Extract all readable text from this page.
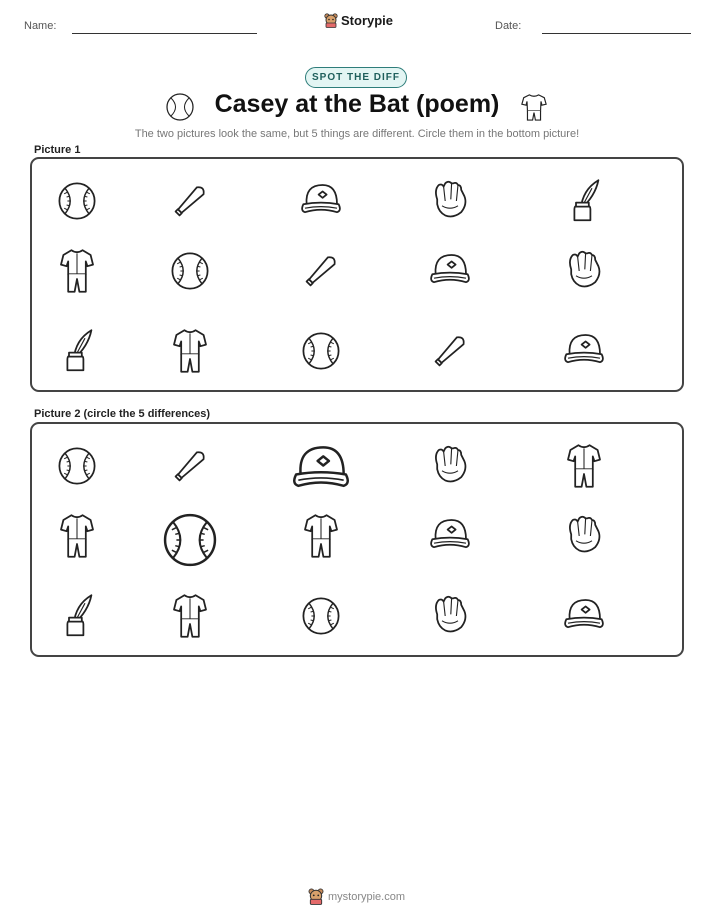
Name:	Storypie	Date:
SPOT THE DIFF
Casey at the Bat (poem)
The two pictures look the same, but 5 things are different. Circle them in the bottom picture!
Picture 1
Picture 2 (circle the 5 differences)
mystorypie.com
